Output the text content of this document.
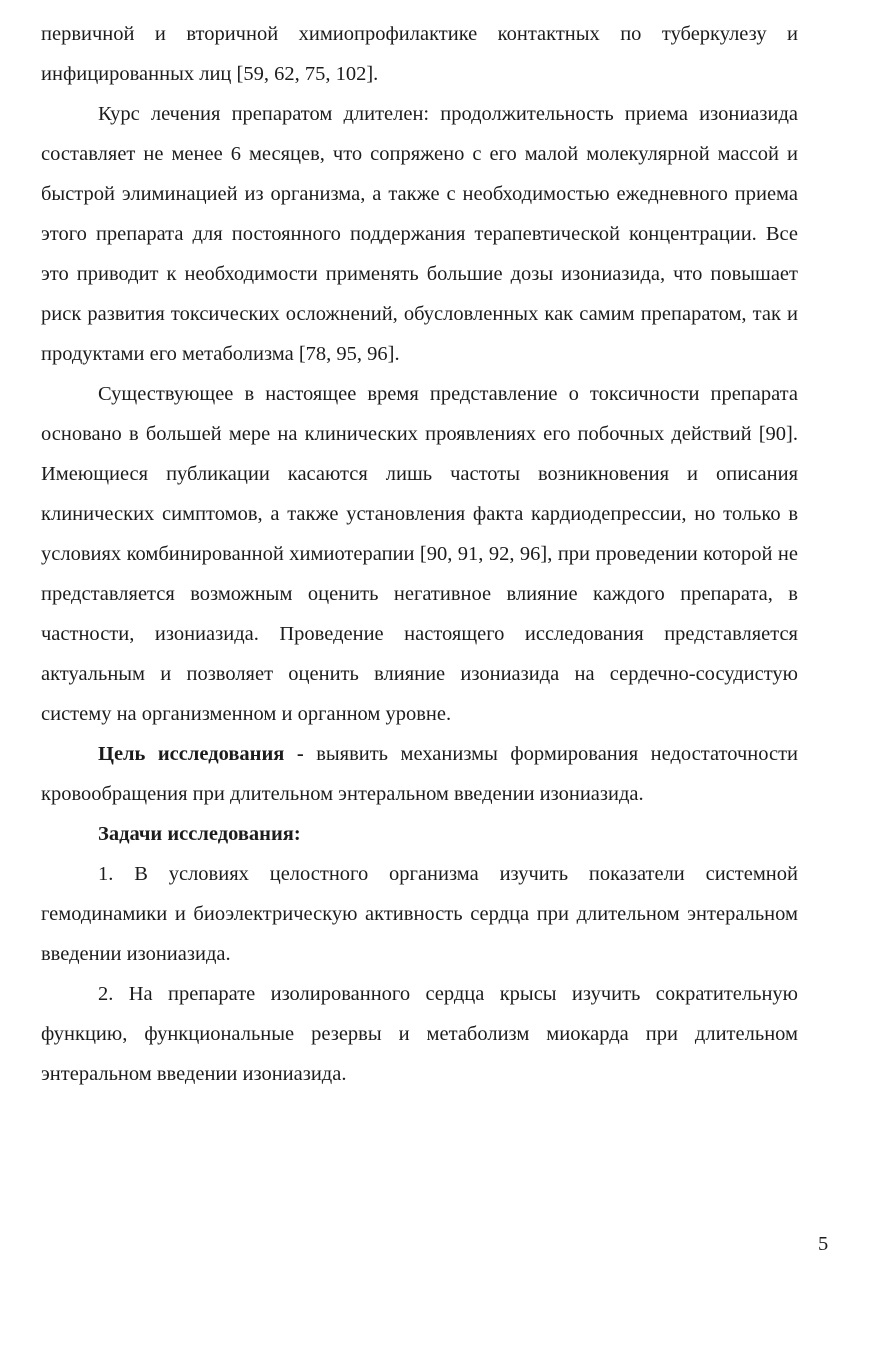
первичной и вторичной химиопрофилактике контактных по туберкулезу и инфицированных лиц [59, 62, 75, 102].

Курс лечения препаратом длителен: продолжительность приема изониазида составляет не менее 6 месяцев, что сопряжено с его малой молекулярной массой и быстрой элиминацией из организма, а также с необходимостью ежедневного приема этого препарата для постоянного поддержания терапевтической концентрации. Все это приводит к необходимости применять большие дозы изониазида, что повышает риск развития токсических осложнений, обусловленных как самим препаратом, так и продуктами его метаболизма [78, 95, 96].

Существующее в настоящее время представление о токсичности препарата основано в большей мере на клинических проявлениях его побочных действий [90]. Имеющиеся публикации касаются лишь частоты возникновения и описания клинических симптомов, а также установления факта кардиодепрессии, но только в условиях комбинированной химиотерапии [90, 91, 92, 96], при проведении которой не представляется возможным оценить негативное влияние каждого препарата, в частности, изониазида. Проведение настоящего исследования представляется актуальным и позволяет оценить влияние изониазида на сердечно-сосудистую систему на организменном и органном уровне.

Цель исследования - выявить механизмы формирования недостаточности кровообращения при длительном энтеральном введении изониазида.

Задачи исследования:

1. В условиях целостного организма изучить показатели системной гемодинамики и биоэлектрическую активность сердца при длительном энтеральном введении изониазида.

2. На препарате изолированного сердца крысы изучить сократительную функцию, функциональные резервы и метаболизм миокарда при длительном энтеральном введении изониазида.

5
